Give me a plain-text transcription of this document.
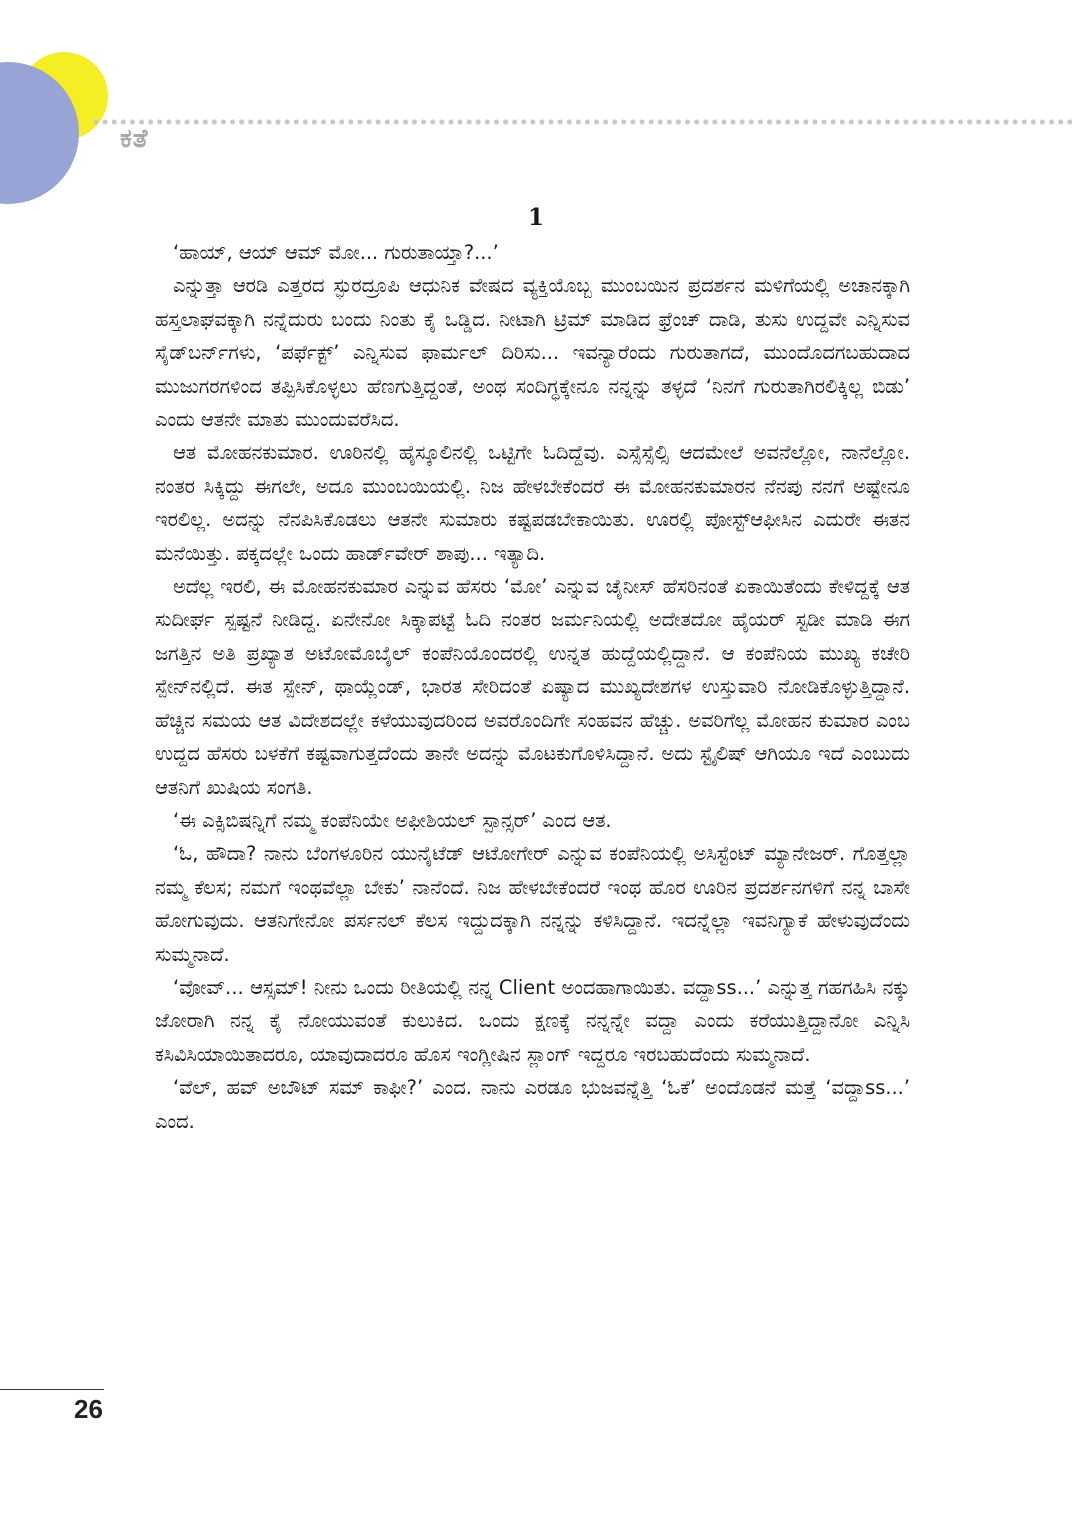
ಕತೆ
1

‘ಹಾಯ್, ಆಯ್ ಆಮ್ ಮೋ... ಗುರುತಾಯ್ತಾ?...’

ಎನ್ನುತ್ತಾ ಆರಡಿ ಎತ್ತರದ ಸ್ಫುರದ್ರೂಪಿ ಆಧುನಿಕ ವೇಷದ ವ್ಯಕ್ತಿಯೊಬ್ಬ ಮುಂಬಯಿನ ಪ್ರದರ್ಶನ ಮಳಿಗೆಯಲ್ಲಿ ಅಚಾನಕ್ಕಾಗಿ ಹಸ್ತಲಾಘವಕ್ಕಾಗಿ ನನ್ನೆದುರು ಬಂದು ನಿಂತು ಕೈ ಒಡ್ಡಿದ. ನೀಟಾಗಿ ಟ್ರಿಮ್ ಮಾಡಿದ ಫ್ರೆಂಚ್ ದಾಡಿ, ತುಸು ಉದ್ದವೇ ಎನ್ನಿಸುವ ಸೈಡ್‌ಬರ್ನ್‌ಗಳು, ‘ಪರ್ಫೆಕ್ಟ್’ ಎನ್ನಿಸುವ ಫಾರ್ಮಲ್ ದಿರಿಸು... ಇವನ್ಯಾರೆಂದು ಗುರುತಾಗದೆ, ಮುಂದೊದಗಬಹುದಾದ ಮುಜುಗರಗಳಿಂದ ತಪ್ಪಿಸಿಕೊಳ್ಳಲು ಹೆಣಗುತ್ತಿದ್ದಂತೆ, ಅಂಥ ಸಂದಿಗ್ಧಕ್ಕೇನೂ ನನ್ನನ್ನು ತಳ್ಳದೆ ‘ನಿನಗೆ ಗುರುತಾಗಿರಲಿಕ್ಕಿಲ್ಲ ಬಿಡು’ ಎಂದು ಆತನೇ ಮಾತು ಮುಂದುವರೆಸಿದ.

ಆತ ಮೋಹನಕುಮಾರ. ಊರಿನಲ್ಲಿ ಹೈಸ್ಕೂಲಿನಲ್ಲಿ ಒಟ್ಟಿಗೇ ಓದಿದ್ದೆವು. ಎಸ್ಸೆಸ್ಸೆಲ್ಸಿ ಆದಮೇಲೆ ಅವನೆಲ್ಲೋ, ನಾನೆಲ್ಲೋ. ನಂತರ ಸಿಕ್ಕಿದ್ದು ಈಗಲೇ, ಅದೂ ಮುಂಬಯಿಯಲ್ಲಿ. ನಿಜ ಹೇಳಬೇಕೆಂದರೆ ಈ ಮೋಹನಕುಮಾರನ ನೆನಪು ನನಗೆ ಅಷ್ಟೇನೂ ಇರಲಿಲ್ಲ. ಅದನ್ನು ನೆನಪಿಸಿಕೊಡಲು ಆತನೇ ಸುಮಾರು ಕಷ್ಟಪಡಬೇಕಾಯಿತು. ಊರಲ್ಲಿ ಪೋಸ್ಟ್‌ಆಫೀಸಿನ ಎದುರೇ ಈತನ ಮನೆಯಿತ್ತು. ಪಕ್ಕದಲ್ಲೇ ಒಂದು ಹಾರ್ಡ್‌ವೇರ್ ಶಾಪು... ಇತ್ಯಾದಿ.

ಅದೆಲ್ಲ ಇರಲಿ, ಈ ಮೋಹನಕುಮಾರ ಎನ್ನುವ ಹೆಸರು ‘ಮೋ’ ಎನ್ನುವ ಚೈನೀಸ್ ಹೆಸರಿನಂತೆ ಏಕಾಯಿತೆಂದು ಕೇಳಿದ್ದಕ್ಕೆ ಆತ ಸುದೀರ್ಘ ಸ್ಪಷ್ಟನೆ ನೀಡಿದ್ದ. ಏನೇನೋ ಸಿಕ್ಕಾಪಟ್ಟೆ ಓದಿ ನಂತರ ಜರ್ಮನಿಯಲ್ಲಿ ಅದೇತದೋ ಹೈಯರ್ ಸ್ಟಡೀ ಮಾಡಿ ಈಗ ಜಗತ್ತಿನ ಅತಿ ಪ್ರಖ್ಯಾತ ಅಟೋಮೊಬೈಲ್ ಕಂಪೆನಿಯೊಂದರಲ್ಲಿ ಉನ್ನತ ಹುದ್ದೆಯಲ್ಲಿದ್ದಾನೆ. ಆ ಕಂಪೆನಿಯ ಮುಖ್ಯ ಕಚೇರಿ ಸ್ಪೇನ್‌ನಲ್ಲಿದೆ. ಈತ ಸ್ಪೇನ್, ಥಾಯ್ಲೆಂಡ್, ಭಾರತ ಸೇರಿದಂತೆ ಏಷ್ಯಾದ ಮುಖ್ಯದೇಶಗಳ ಉಸ್ತುವಾರಿ ನೋಡಿಕೊಳ್ಳುತ್ತಿದ್ದಾನೆ. ಹೆಚ್ಚಿನ ಸಮಯ ಆತ ವಿದೇಶದಲ್ಲೇ ಕಳೆಯುವುದರಿಂದ ಅವರೊಂದಿಗೇ ಸಂಹವನ ಹೆಚ್ಚು. ಅವರಿಗೆಲ್ಲ ಮೋಹನ ಕುಮಾರ ಎಂಬ ಉದ್ದದ ಹೆಸರು ಬಳಕೆಗೆ ಕಷ್ಟವಾಗುತ್ತದೆಂದು ತಾನೇ ಅದನ್ನು ಮೊಟಕುಗೊಳಿಸಿದ್ದಾನೆ. ಅದು ಸ್ಟೈಲಿಷ್ ಆಗಿಯೂ ಇದೆ ಎಂಬುದು ಆತನಿಗೆ ಖುಷಿಯ ಸಂಗತಿ.

‘ಈ ಎಕ್ಸಿಬಿಷನ್ನಿಗೆ ನಮ್ಮ ಕಂಪೆನಿಯೇ ಅಫೀಶಿಯಲ್ ಸ್ಪಾನ್ಸರ್’ ಎಂದ ಆತ.

‘ಓ, ಹೌದಾ? ನಾನು ಬೆಂಗಳೂರಿನ ಯುನೈಟೆಡ್ ಆಟೋಗೇರ್ ಎನ್ನುವ ಕಂಪೆನಿಯಲ್ಲಿ ಅಸಿಸ್ಟೆಂಟ್ ಮ್ಯಾನೇಜರ್. ಗೊತ್ತಲ್ಲಾ ನಮ್ಮ ಕೆಲಸ; ನಮಗೆ ಇಂಥವೆಲ್ಲಾ ಬೇಕು’ ನಾನೆಂದೆ. ನಿಜ ಹೇಳಬೇಕೆಂದರೆ ಇಂಥ ಹೊರ ಊರಿನ ಪ್ರದರ್ಶನಗಳಿಗೆ ನನ್ನ ಬಾಸೇ ಹೋಗುವುದು. ಆತನಿಗೇನೋ ಪರ್ಸನಲ್ ಕೆಲಸ ಇದ್ದುದಕ್ಕಾಗಿ ನನ್ನನ್ನು ಕಳಿಸಿದ್ದಾನೆ. ಇದನ್ನೆಲ್ಲಾ ಇವನಿಗ್ಯಾಕೆ ಹೇಳುವುದೆಂದು ಸುಮ್ಮನಾದೆ.

‘ವೋವ್... ಆಸ್ಸಮ್! ನೀನು ಒಂದು ರೀತಿಯಲ್ಲಿ ನನ್ನ Client ಅಂದಹಾಗಾಯಿತು. ವದ್ದಾss...’ ಎನ್ನುತ್ತ ಗಹಗಹಿಸಿ ನಕ್ಕು ಜೋರಾಗಿ ನನ್ನ ಕೈ ನೋಯುವಂತೆ ಕುಲುಕಿದ. ಒಂದು ಕ್ಷಣಕ್ಕೆ ನನ್ನನ್ನೇ ವದ್ದಾ ಎಂದು ಕರೆಯುತ್ತಿದ್ದಾನೋ ಎನ್ನಿಸಿ ಕಸಿವಿಸಿಯಾಯಿತಾದರೂ, ಯಾವುದಾದರೂ ಹೊಸ ಇಂಗ್ಲೀಷಿನ ಸ್ಲಾಂಗ್ ಇದ್ದರೂ ಇರಬಹುದೆಂದು ಸುಮ್ಮನಾದೆ.

‘ವೆಲ್, ಹವ್ ಅಬೌಟ್ ಸಮ್ ಕಾಫೀ?’ ಎಂದ. ನಾನು ಎರಡೂ ಭುಜವನ್ನೆತ್ತಿ ‘ಓಕೆ’ ಅಂದೊಡನೆ ಮತ್ತೆ ‘ವದ್ದಾss...’ ಎಂದ.

26
